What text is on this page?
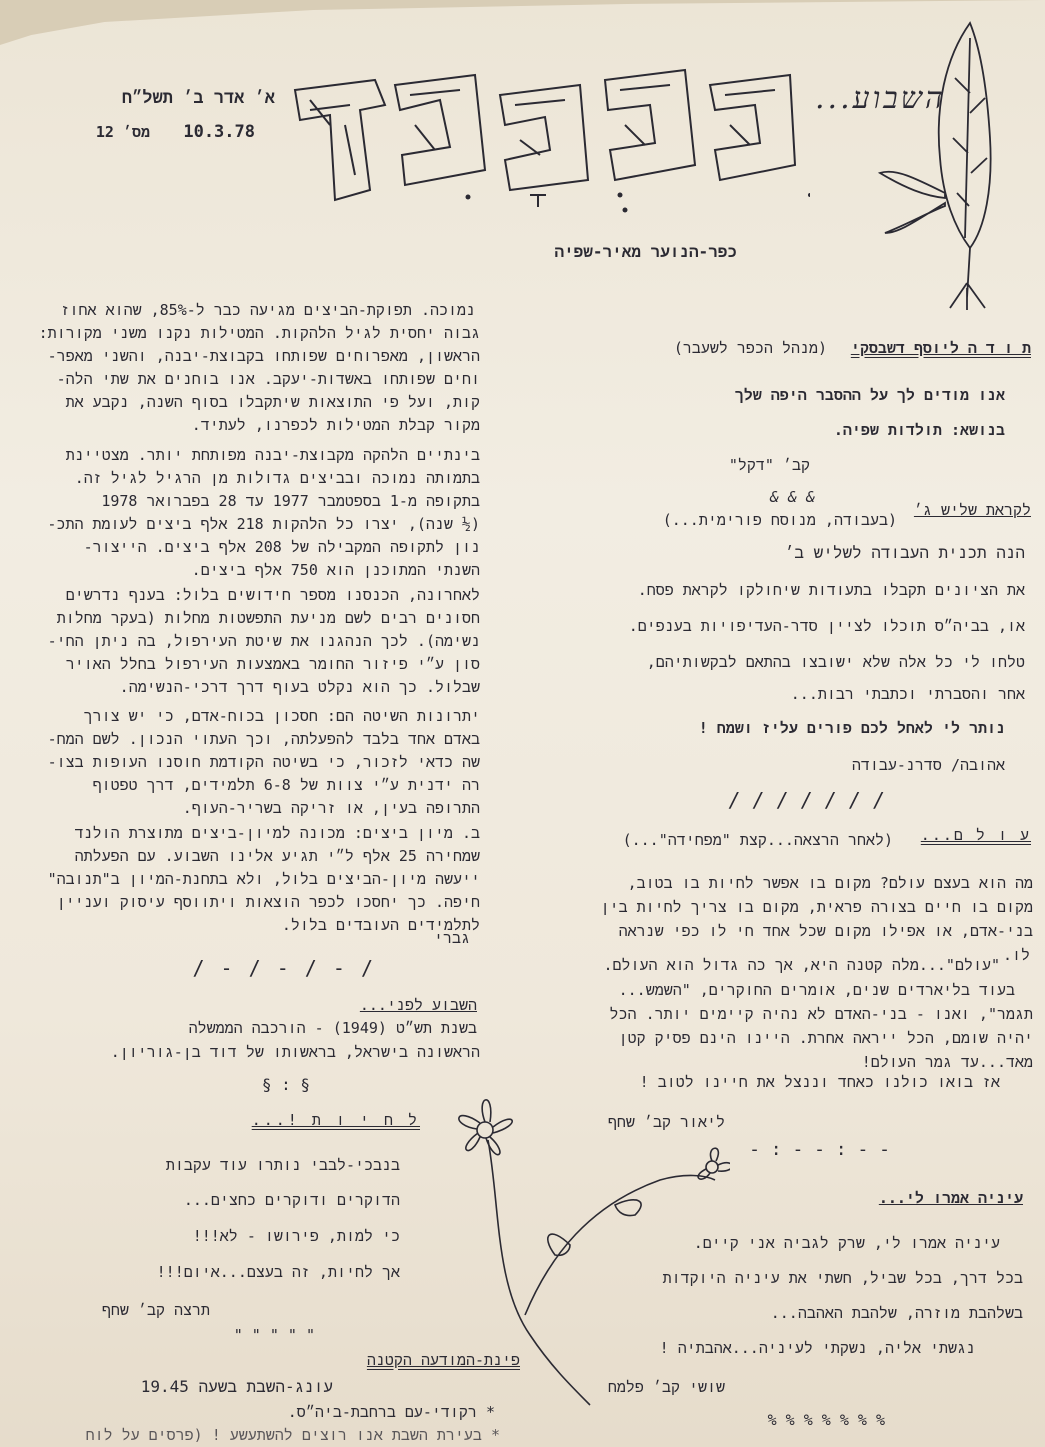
א׳ אדר ב׳ תשל״ח
10.3.78
מס׳ 12
השבוע...
כפר-הנוער מאיר-שפיה
ת ו ד ה ליוסף דשבסקי
(מנהל הכפר לשעבר)
אנו מודים לך על ההסבר היפה שלך
בנושא: תולדות שפיה.
קב׳ "דקל"
& & &
לקראת שליש ג׳
(בעבודה, מנוסח פורימית...)
הנה תכנית העבודה לשליש ב׳
את הציונים תקבלו בתעודות שיחולקו לקראת פסח.
או, בביה״ס תוכלו לציין סדר-העדיפויות בענפים.
טלחו לי כל אלה שלא ישובצו בהתאם לבקשותיהם,
אחר והסברתי וכתבתי רבות...
נותר לי לאחל לכם פורים עליז ושמח !
אהובה/ סדרנ-עבודה
/ / / / / / /
ע ו ל ם...
(לאחר הרצאה...קצת "מפחידה"...)
מה הוא בעצם עולם? מקום בו אפשר לחיות בו בטוב,
מקום בו חיים בצורה פראית, מקום בו צריך לחיות בין
בני-אדם, או אפילו מקום שכל אחד חי לו כפי שנראה
לו.
"עולם"...מלה קטנה היא, אך כה גדול הוא העולם.
בעוד בליארדים שנים, אומרים החוקרים, "השמש...
תגמר", ואנו - בני-האדם לא נהיה קיימים יותר. הכל
יהיה שומם, הכל ייראה אחרת. היינו הינם פסיק קטן
מאד...עד גמר העולם!
אז בואו כולנו כאחד וננצל את חיינו לטוב !
ליאור קב׳ שחף
- - : - - : -
עיניה אמרו לי...
עיניה אמרו לי, שרק לגביה אני קיים.
בכל דרך, בכל שביל, חשתי את עיניה היוקדות
בשלהבת מוזרה, שלהבת האהבה...
נגשתי אליה, נשקתי לעיניה...אהבתיה !
שושי קב׳ פלמח
% % % % % % %
נמוכה. תפוקת-הביצים מגיעה כבר ל-85%, שהוא אחוז
גבוה יחסית לגיל הלהקות. המטילות נקנו משני מקורות:
הראשון, מאפרוחים שפותחו בקבוצת-יבנה, והשני מאפר-
וחים שפותחו באשדות-יעקב. אנו בוחנים את שתי הלה-
קות, ועל פי התוצאות שיתקבלו בסוף השנה, נקבע את
מקור קבלת המטילות לכפרנו, לעתיד.
בינתיים הלהקה מקבוצת-יבנה מפותחת יותר. מצטיינת
בתמותה נמוכה ובביצים גדולות מן הרגיל לגיל זה.
בתקופה מ-1 בספטמבר 1977 עד 28 בפברואר 1978
(½ שנה), יצרו כל הלהקות 218 אלף ביצים לעומת התכ-
נון לתקופה המקבילה של 208 אלף ביצים. הייצור-
השנתי המתוכנן הוא 750 אלף ביצים.
לאחרונה, הכנסנו מספר חידושים בלול: בענף נדרשים
חסונים רבים לשם מניעת התפשטות מחלות (בעקר מחלות
נשימה). לכך הנהגנו את שיטת העירפול, בה ניתן החי-
סון ע״י פיזור החומר באמצעות העירפול בחלל האויר
שבלול. כך הוא נקלט בעוף דרך דרכי-הנשימה.
יתרונות השיטה הם: חסכון בכוח-אדם, כי יש צורך
באדם אחד בלבד להפעלתה, וכך העתוי הנכון. לשם המח-
שה כדאי לזכור, כי בשיטה הקודמת חוסנו העופות בצו-
רה ידנית ע״י צוות של 6-8 תלמידים, דרך טפטוף
התרופה בעין, או זריקה בשריר-העוף.
ב. מיון ביצים: מכונה למיון-ביצים מתוצרת הולנד
שמחירה 25 אלף ל״י תגיע אלינו השבוע. עם הפעלתה
ייעשה מיון-הביצים בלול, ולא בתחנת-המיון ב"תנובה"
חיפה. כך יחסכו לכפר הוצאות ויתווסף עיסוק ועניין
לתלמידים העובדים בלול.
גברי
/ - / - / - /
השבוע לפני...
בשנת תש״ט (1949) - הורכבה הממשלה
הראשונה בישראל, בראשותו של דוד בן-גוריון.
§ : §
ל ח י ו ת !...
בנבכי-לבבי נותרו עוד עקבות
הדוקרים ודוקרים כחצים...
כי למות, פירושו - לא!!!
אך לחיות, זה בעצם...איום!!!
תרצה קב׳ שחף
" " " " "
פינת-המודעה הקטנה
עונג-השבת בשעה 19.45
* רקודי-עם ברחבת-ביה״ס.
* בעירת השבת אנו רוצים להשתעשע ! (פרסים על לוח
